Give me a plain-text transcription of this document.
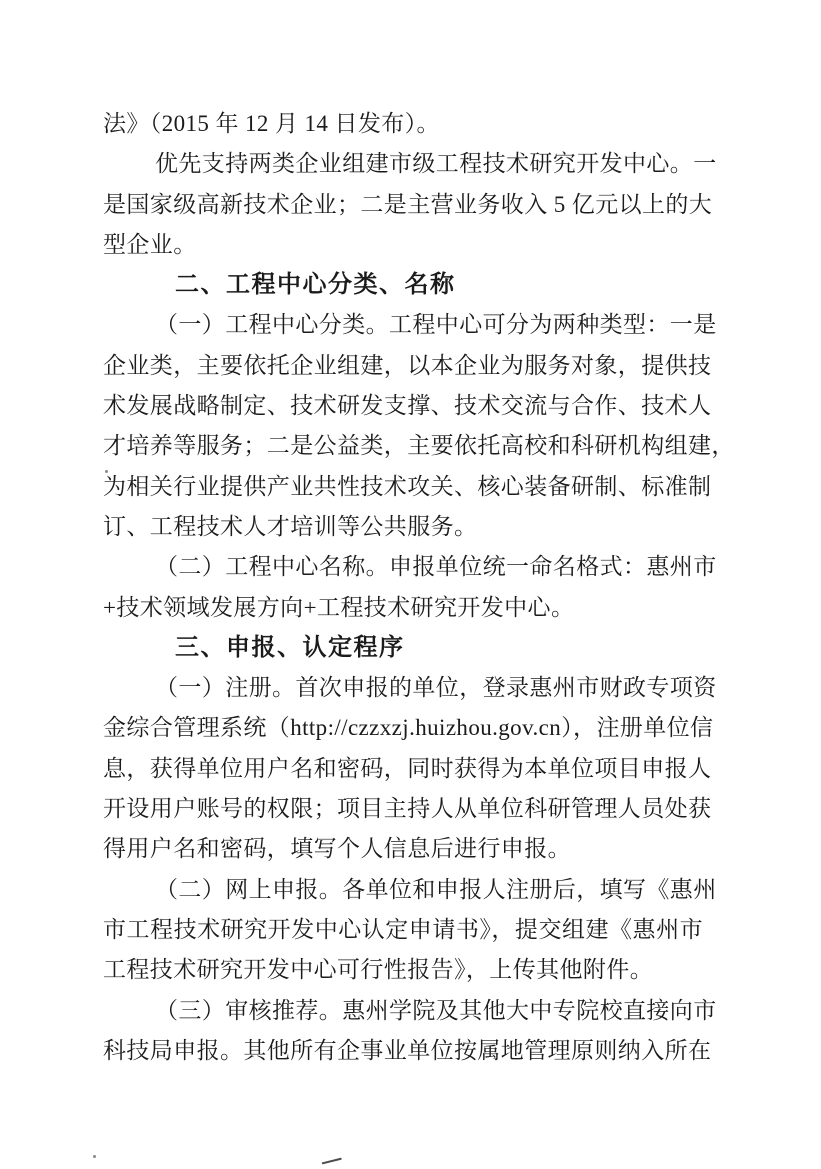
法》（2015 年 12 月 14 日发布）。
优先支持两类企业组建市级工程技术研究开发中心。一
是国家级高新技术企业；二是主营业务收入 5 亿元以上的大
型企业。
二、工程中心分类、名称
（一）工程中心分类。工程中心可分为两种类型：一是
企业类，主要依托企业组建，以本企业为服务对象，提供技
术发展战略制定、技术研发支撑、技术交流与合作、技术人
才培养等服务；二是公益类，主要依托高校和科研机构组建，
为相关行业提供产业共性技术攻关、核心装备研制、标准制
订、工程技术人才培训等公共服务。
（二）工程中心名称。申报单位统一命名格式：惠州市
+技术领域发展方向+工程技术研究开发中心。
三、申报、认定程序
（一）注册。首次申报的单位，登录惠州市财政专项资
金综合管理系统（http://czzxzj.huizhou.gov.cn），注册单位信
息，获得单位用户名和密码，同时获得为本单位项目申报人
开设用户账号的权限；项目主持人从单位科研管理人员处获
得用户名和密码，填写个人信息后进行申报。
（二）网上申报。各单位和申报人注册后，填写《惠州
市工程技术研究开发中心认定申请书》，提交组建《惠州市
工程技术研究开发中心可行性报告》，上传其他附件。
（三）审核推荐。惠州学院及其他大中专院校直接向市
科技局申报。其他所有企事业单位按属地管理原则纳入所在
